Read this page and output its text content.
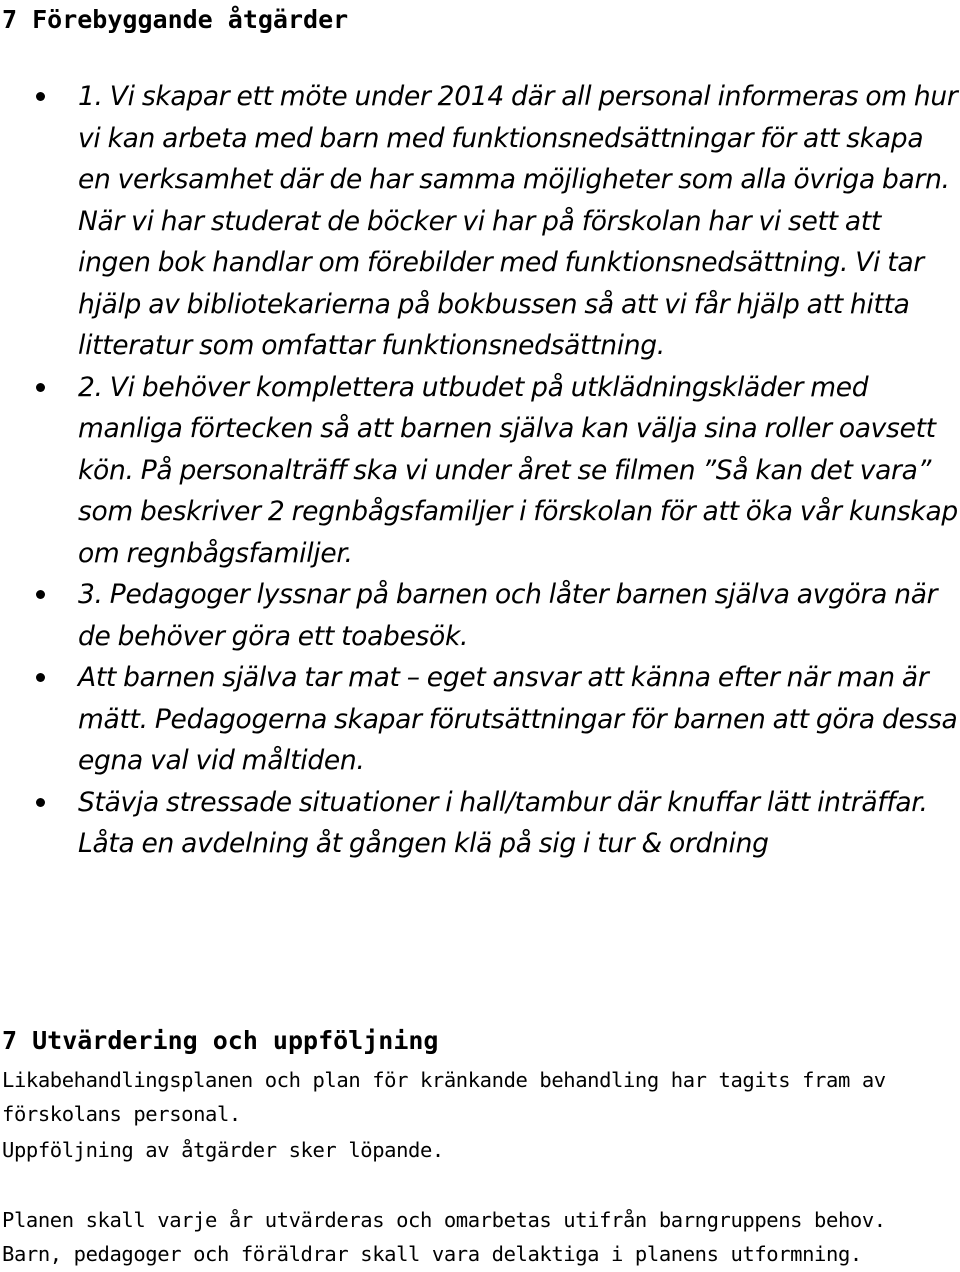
7 Förebyggande åtgärder
1. Vi skapar ett möte under 2014 där all personal informeras om hur vi kan arbeta med barn med funktionsnedsättningar för att skapa en verksamhet där de har samma möjligheter som alla övriga barn. När vi har studerat de böcker vi har på förskolan har vi sett att ingen bok handlar om förebilder med funktionsnedsättning. Vi tar hjälp av bibliotekarierna på bokbussen så att vi får hjälp att hitta litteratur som omfattar funktionsnedsättning.
2. Vi behöver komplettera utbudet på utklädningskläder med manliga förtecken så att barnen själva kan välja sina roller oavsett kön. På personalträff ska vi under året se filmen ”Så kan det vara” som beskriver 2 regnbågsfamiljer i förskolan för att öka vår kunskap om regnbågsfamiljer.
3. Pedagoger lyssnar på barnen och låter barnen själva avgöra när de behöver göra ett toabesök.
Att barnen själva tar mat – eget ansvar att känna efter när man är mätt. Pedagogerna skapar förutsättningar för barnen att göra dessa egna val vid måltiden.
Stävja stressade situationer i hall/tambur där knuffar lätt inträffar. Låta en avdelning åt gången klä på sig i tur & ordning
7 Utvärdering och uppföljning

Likabehandlingsplanen och plan för kränkande behandling har tagits fram av förskolans personal.

Uppföljning av åtgärder sker löpande.

Planen skall varje år utvärderas och omarbetas utifrån barngruppens behov. Barn, pedagoger och föräldrar skall vara delaktiga i planens utformning.
